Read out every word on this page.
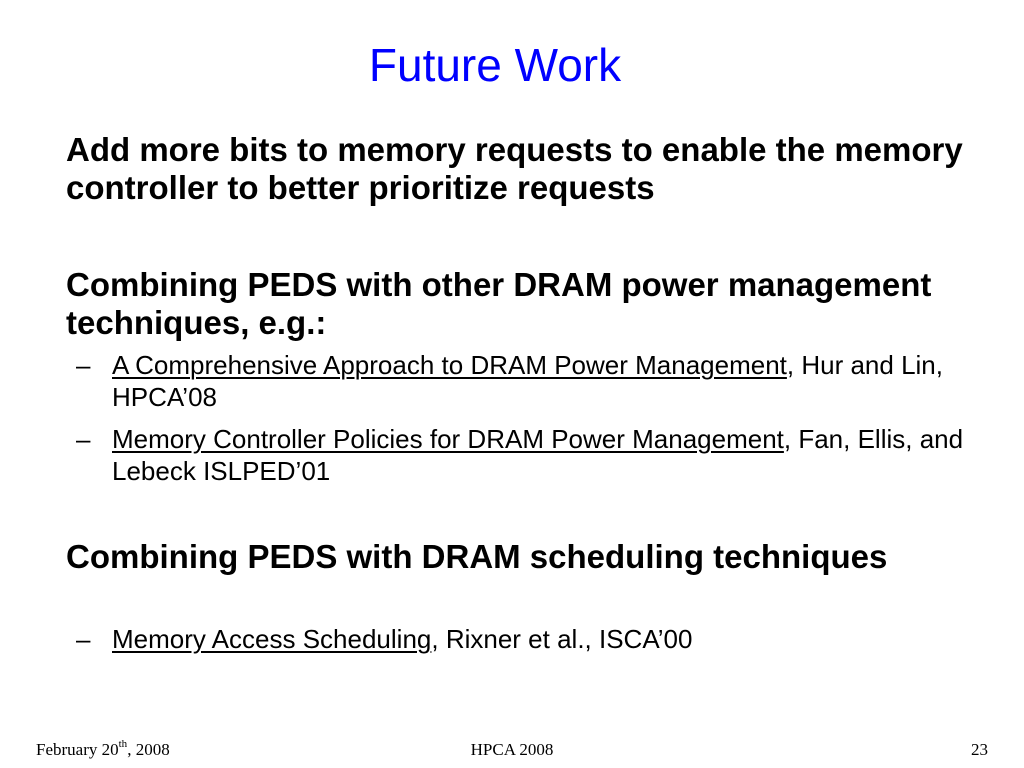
Future Work
Add more bits to memory requests to enable the memory controller to better prioritize requests
Combining PEDS with other DRAM power management techniques, e.g.:
– A Comprehensive Approach to DRAM Power Management, Hur and Lin, HPCA’08
– Memory Controller Policies for DRAM Power Management, Fan, Ellis, and Lebeck ISLPED’01
Combining PEDS with DRAM scheduling techniques
– Memory Access Scheduling, Rixner et al., ISCA’00
February 20th, 2008	HPCA 2008	23
